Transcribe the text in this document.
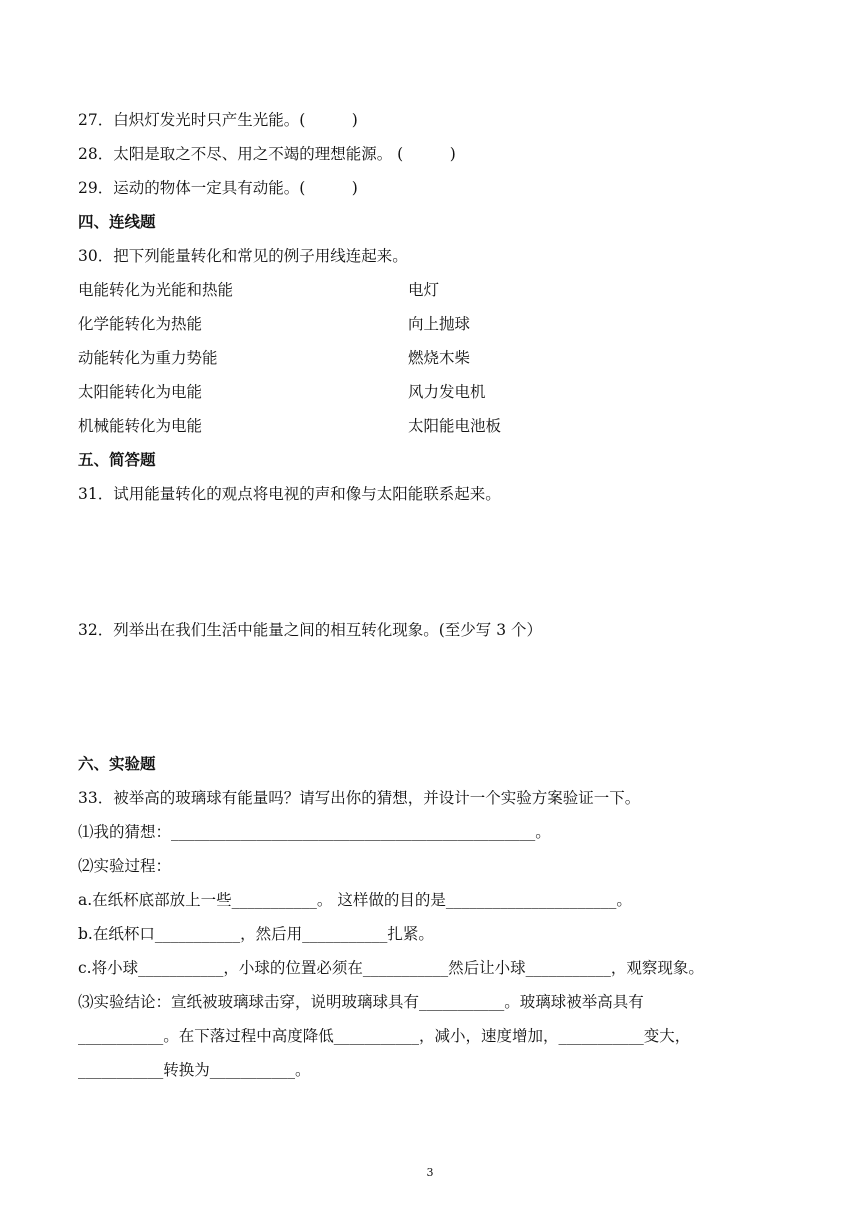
27．白炽灯发光时只产生光能。(　　　)
28．太阳是取之不尽、用之不竭的理想能源。 (　　　)
29．运动的物体一定具有动能。(　　　)
四、连线题
30．把下列能量转化和常见的例子用线连起来。
电能转化为光能和热能	电灯
化学能转化为热能	向上抛球
动能转化为重力势能	燃烧木柴
太阳能转化为电能	风力发电机
机械能转化为电能	太阳能电池板
五、简答题
31．试用能量转化的观点将电视的声和像与太阳能联系起来。
32．列举出在我们生活中能量之间的相互转化现象。(至少写 3 个）
六、实验题
33．被举高的玻璃球有能量吗？请写出你的猜想，并设计一个实验方案验证一下。
⑴我的猜想：_______________________________________________。
⑵实验过程：
a.在纸杯底部放上一些___________。 这样做的目的是______________________。
b.在纸杯口___________，然后用___________扎紧。
c.将小球___________，小球的位置必须在___________然后让小球___________，观察现象。
⑶实验结论：宣纸被玻璃球击穿，说明玻璃球具有___________。玻璃球被举高具有
___________。在下落过程中高度降低___________，减小，速度增加，___________变大，
___________转换为___________。
3
